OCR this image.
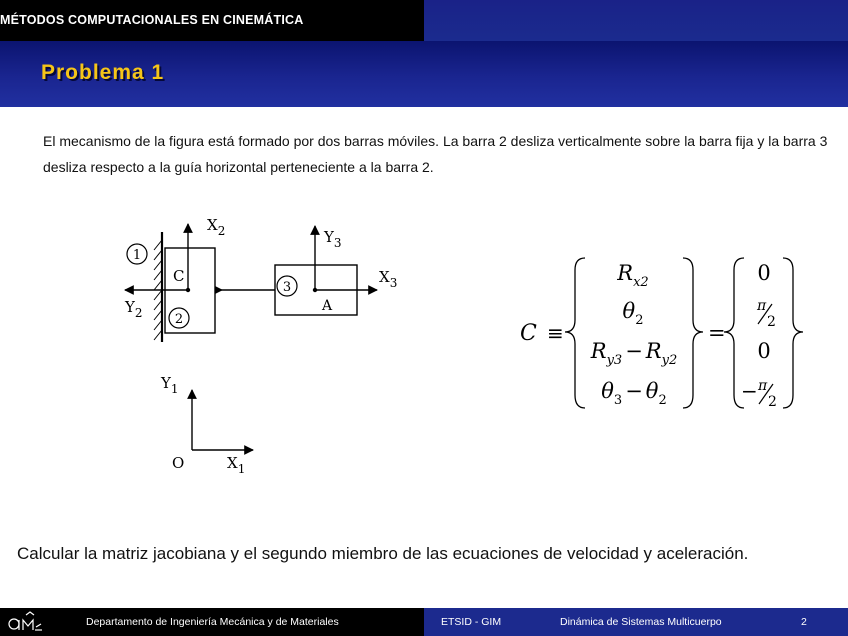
MÉTODOS COMPUTACIONALES EN CINEMÁTICA
Problema 1

El mecanismo de la figura está formado por dos barras móviles. La barra 2 desliza verticalmente sobre la barra fija y la barra 3 desliza respecto a la guía horizontal perteneciente a la barra 2.

1
2
3
C
A
O
$X_2$
$Y_2$
$Y_3$
$X_3$
$Y_1$
$X_1$
C ≡
$R_{x2}$
$\theta_2$
$R_{y3} - R_{y2}$
$\theta_3 - \theta_2$
=
0
π
2
0
− π
2

Calcular la matriz jacobiana y el segundo miembro de las ecuaciones de velocidad y aceleración.

Departamento de Ingeniería Mecánica y de Materiales	ETSID - GIM	Dinámica de Sistemas Multicuerpo	2
